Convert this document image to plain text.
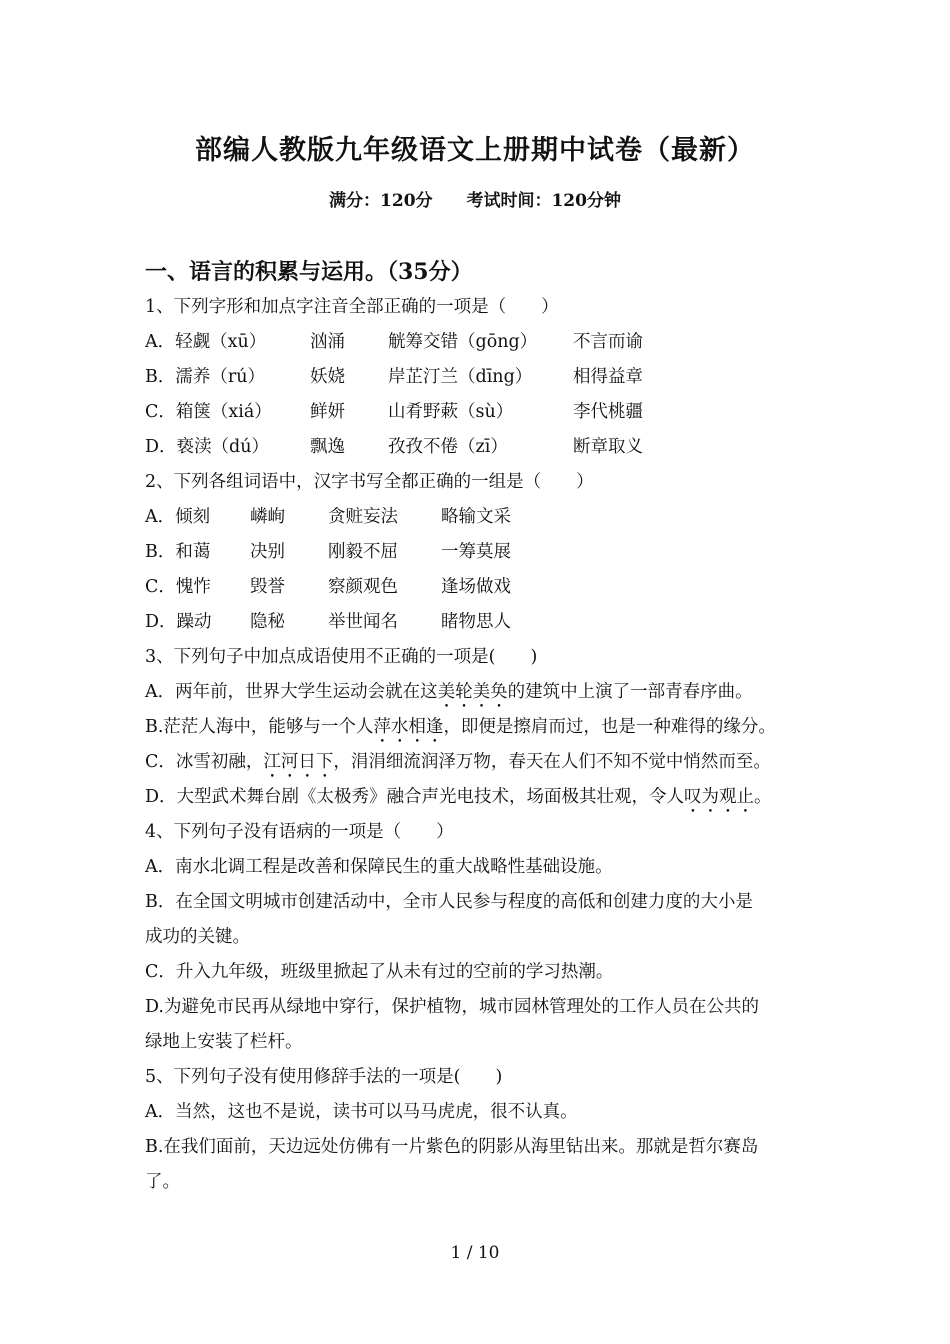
部编人教版九年级语文上册期中试卷（最新）
满分：120分 考试时间：120分钟
一、语言的积累与运用。（35分）
1、下列字形和加点字注音全部正确的一项是（　　）
A．轻觑（xū）	汹涌	觥筹交错（gōng）	不言而谕
B．濡养（rú）	妖娆	岸芷汀兰（dīng）	相得益章
C．箱箧（xiá）	鲜妍	山肴野蔌（sù）	李代桃疆
D．亵渎（dú）	飘逸	孜孜不倦（zī）	断章取义
2、下列各组词语中，汉字书写全都正确的一组是（　　）
A．倾刻	嶙峋	贪赃妄法	略输文采
B．和蔼	决别	刚毅不屈	一筹莫展
C．愧怍	毁誉	察颜观色	逢场做戏
D．躁动	隐秘	举世闻名	睹物思人
3、下列句子中加点成语使用不正确的一项是(　　)
A．两年前，世界大学生运动会就在这美轮美奂的建筑中上演了一部青春序曲。
B.茫茫人海中，能够与一个人萍水相逢，即便是擦肩而过，也是一种难得的缘分。
C．冰雪初融，江河日下，涓涓细流润泽万物，春天在人们不知不觉中悄然而至。
D．大型武术舞台剧《太极秀》融合声光电技术，场面极其壮观，令人叹为观止。
4、下列句子没有语病的一项是（　　）
A．南水北调工程是改善和保障民生的重大战略性基础设施。
B．在全国文明城市创建活动中，全市人民参与程度的高低和创建力度的大小是
成功的关键。
C．升入九年级，班级里掀起了从未有过的空前的学习热潮。
D.为避免市民再从绿地中穿行，保护植物，城市园林管理处的工作人员在公共的
绿地上安装了栏杆。
5、下列句子没有使用修辞手法的一项是(　　)
A．当然，这也不是说，读书可以马马虎虎，很不认真。
B.在我们面前，天边远处仿佛有一片紫色的阴影从海里钻出来。那就是哲尔赛岛
了。
1 / 10
